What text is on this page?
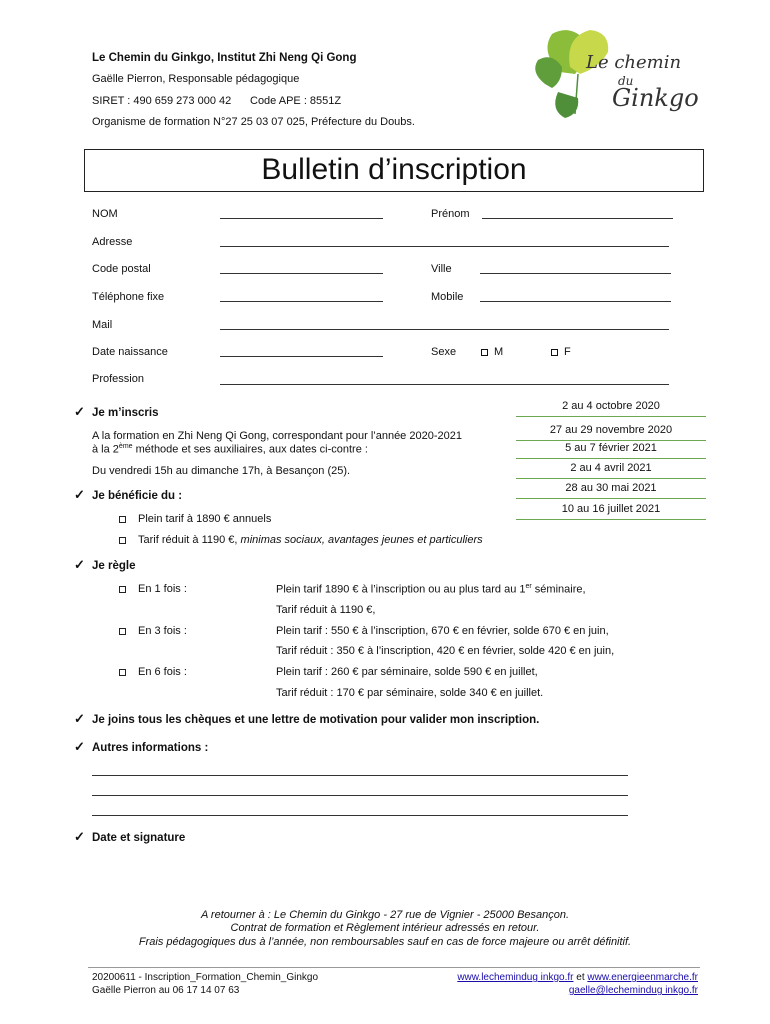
Le Chemin du Ginkgo, Institut Zhi Neng Qi Gong
Gaëlle Pierron, Responsable pédagogique
SIRET : 490 659 273 000 42 Code APE : 8551Z
Organisme de formation N°27 25 03 07 025, Préfecture du Doubs.
Le chemin
du
Ginkgo
Bulletin d’inscription
NOM	Prénom
Adresse
Code postal	Ville
Téléphone fixe	Mobile
Mail
Date naissance	Sexe	M	F
Profession
2 au 4 octobre 2020
27 au 29 novembre 2020
5 au 7 février 2021
2 au 4 avril 2021
28 au 30 mai 2021
10 au 16 juillet 2021
✓ Je m’inscris
A la formation en Zhi Neng Qi Gong, correspondant pour l’année 2020-2021
à la 2ème méthode et ses auxiliaires, aux dates ci-contre :
Du vendredi 15h au dimanche 17h, à Besançon (25).
✓ Je bénéficie du :
Plein tarif à 1890 € annuels
Tarif réduit à 1190 €, minimas sociaux, avantages jeunes et particuliers
✓ Je règle
En 1 fois :	Plein tarif 1890 € à l’inscription ou au plus tard au 1er séminaire,
Tarif réduit à 1190 €,
En 3 fois :	Plein tarif : 550 € à l’inscription, 670 € en février, solde 670 € en juin,
Tarif réduit : 350 € à l’inscription, 420 € en février, solde 420 € en juin,
En 6 fois :	Plein tarif : 260 € par séminaire, solde 590 € en juillet,
Tarif réduit : 170 € par séminaire, solde 340 € en juillet.
✓ Je joins tous les chèques et une lettre de motivation pour valider mon inscription.
✓ Autres informations :
✓ Date et signature
A retourner à : Le Chemin du Ginkgo - 27 rue de Vignier - 25000 Besançon.
Contrat de formation et Règlement intérieur adressés en retour.
Frais pédagogiques dus à l’année, non remboursables sauf en cas de force majeure ou arrêt définitif.
20200611 - Inscription_Formation_Chemin_Ginkgo
Gaëlle Pierron au 06 17 14 07 63
www.lechemindug inkgo.fr et www.energieenmarche.fr
gaelle@lechemindug inkgo.fr
